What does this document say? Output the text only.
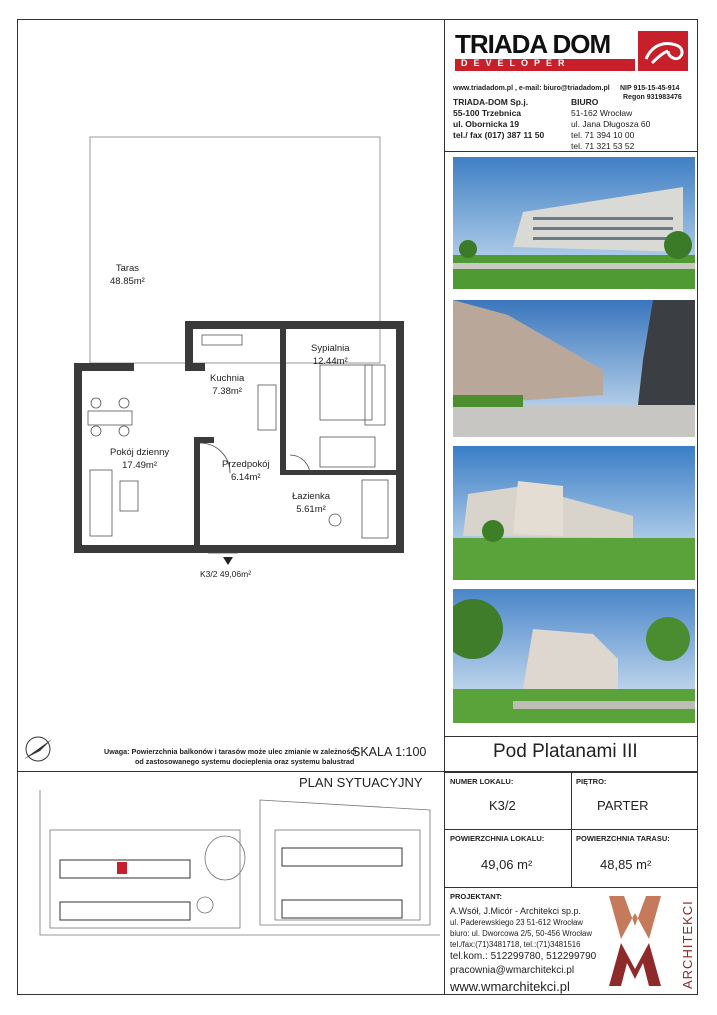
TRIADA DOM
DEVELOPER
www.triadadom.pl , e-mail: biuro@triadadom.pl NIP 915-15-45-914
Regon 931983476
TRIADA-DOM Sp.j.
55-100 Trzebnica
ul. Obornicka 19
tel./ fax (017) 387 11 50
BIURO
51-162 Wrocław
ul. Jana Długosza 60
tel. 71 394 10 00
tel. 71 321 53 52
Taras
48.85m²
Sypialnia
12.44m²
Kuchnia
7.38m²
Pokój dzienny
17.49m²	Przedpokój
6.14m²
Łazienka
5.61m²
K3/2 49,06m²
Uwaga: Powierzchnia balkonów i tarasów może ulec zmianie w zależności
od zastosowanego systemu docieplenia oraz systemu balustrad
SKALA 1:100	Pod Platanami III
PLAN SYTUACYJNY	NUMER LOKALU:
K3/2
PIĘTRO:
PARTER
POWIERZCHNIA LOKALU:
49,06 m²
POWIERZCHNIA TARASU:
48,85 m²
PROJEKTANT:
A.Wsół, J.Micór - Architekci sp.p.
ul. Paderewskiego 23 51-612 Wrocław
biuro: ul. Dworcowa 2/5, 50-456 Wrocław
tel./fax:(71)3481718, tel.:(71)3481516
tel.kom.: 512299780, 512299790
pracownia@wmarchitekci.pl
www.wmarchitekci.pl	ARCHITEKCI
